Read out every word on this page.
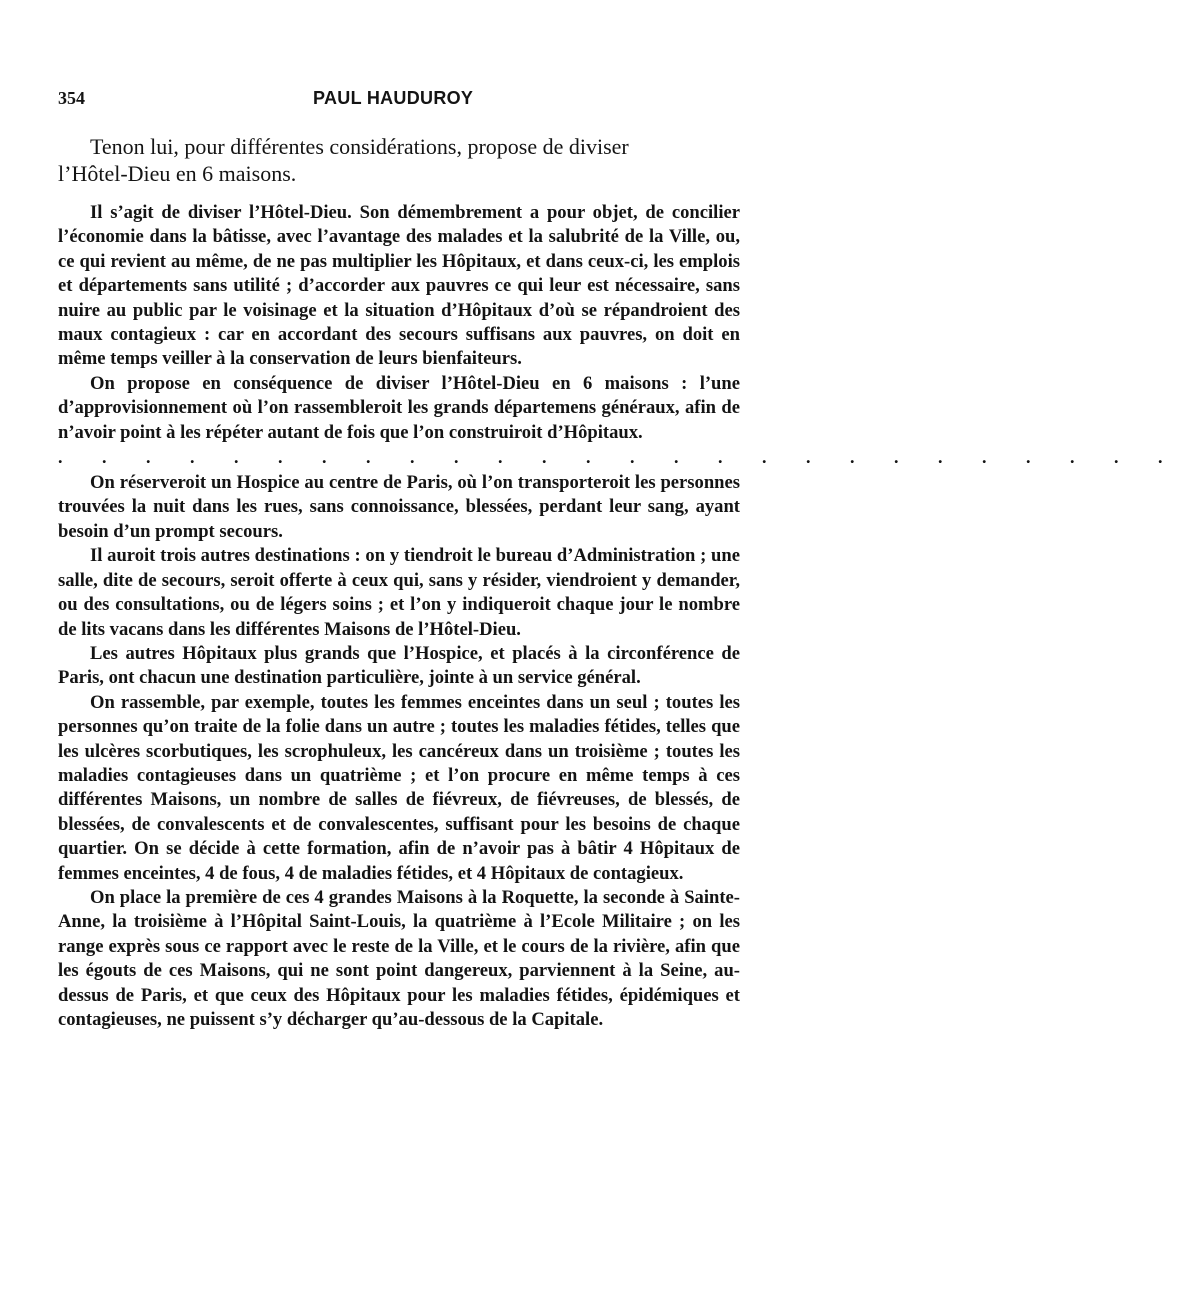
354	PAUL HAUDUROY
Tenon lui, pour différentes considérations, propose de diviser
l’Hôtel-Dieu en 6 maisons.

Il s’agit de diviser l’Hôtel-Dieu. Son démembrement a pour objet, de concilier l’économie dans la bâtisse, avec l’avantage des malades et la salubrité de la Ville, ou, ce qui revient au même, de ne pas multiplier les Hôpitaux, et dans ceux-ci, les emplois et départements sans utilité ; d’accorder aux pauvres ce qui leur est nécessaire, sans nuire au public par le voisinage et la situation d’Hôpitaux d’où se répandroient des maux contagieux : car en accordant des secours suffisans aux pauvres, on doit en même temps veiller à la conservation de leurs bienfaiteurs.

On propose en conséquence de diviser l’Hôtel-Dieu en 6 maisons : l’une d’approvisionnement où l’on rassembleroit les grands départemens généraux, afin de n’avoir point à les répéter autant de fois que l’on construiroit d’Hôpitaux.

. . . . . . . . . . . . . . . . . . . . . . . . . .

On réserveroit un Hospice au centre de Paris, où l’on transporteroit les personnes trouvées la nuit dans les rues, sans connoissance, blessées, perdant leur sang, ayant besoin d’un prompt secours.

Il auroit trois autres destinations : on y tiendroit le bureau d’Administration ; une salle, dite de secours, seroit offerte à ceux qui, sans y résider, viendroient y demander, ou des consultations, ou de légers soins ; et l’on y indiqueroit chaque jour le nombre de lits vacans dans les différentes Maisons de l’Hôtel-Dieu.

Les autres Hôpitaux plus grands que l’Hospice, et placés à la circonférence de Paris, ont chacun une destination particulière, jointe à un service général.

On rassemble, par exemple, toutes les femmes enceintes dans un seul ; toutes les personnes qu’on traite de la folie dans un autre ; toutes les maladies fétides, telles que les ulcères scorbutiques, les scrophuleux, les cancéreux dans un troisième ; toutes les maladies contagieuses dans un quatrième ; et l’on procure en même temps à ces différentes Maisons, un nombre de salles de fiévreux, de fiévreuses, de blessés, de blessées, de convalescents et de convalescentes, suffisant pour les besoins de chaque quartier. On se décide à cette formation, afin de n’avoir pas à bâtir 4 Hôpitaux de femmes enceintes, 4 de fous, 4 de maladies fétides, et 4 Hôpitaux de contagieux.

On place la première de ces 4 grandes Maisons à la Roquette, la seconde à Sainte-Anne, la troisième à l’Hôpital Saint-Louis, la quatrième à l’Ecole Militaire ; on les range exprès sous ce rapport avec le reste de la Ville, et le cours de la rivière, afin que les égouts de ces Maisons, qui ne sont point dangereux, parviennent à la Seine, au-dessus de Paris, et que ceux des Hôpitaux pour les maladies fétides, épidémiques et contagieuses, ne puissent s’y décharger qu’au-dessous de la Capitale.
